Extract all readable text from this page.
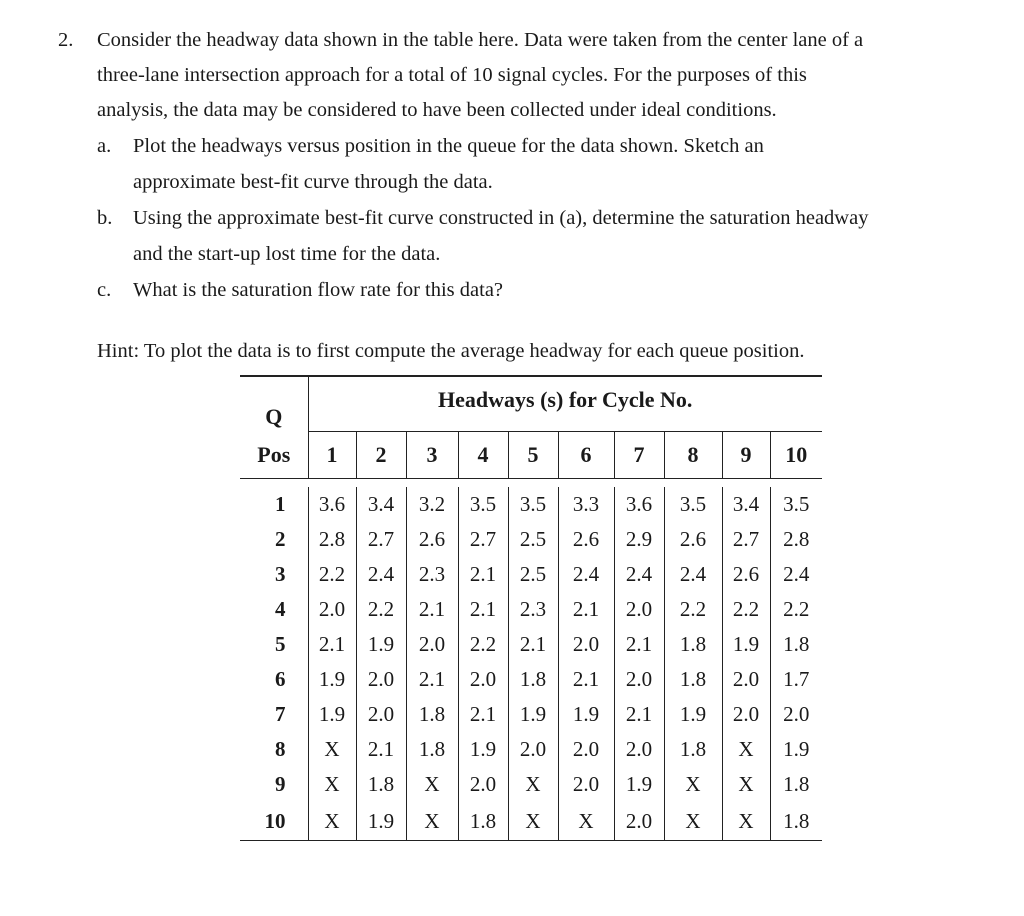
2. Consider the headway data shown in the table here. Data were taken from the center lane of a
three-lane intersection approach for a total of 10 signal cycles. For the purposes of this
analysis, the data may be considered to have been collected under ideal conditions.
a. Plot the headways versus position in the queue for the data shown. Sketch an
approximate best-fit curve through the data.
b. Using the approximate best-fit curve constructed in (a), determine the saturation headway
and the start-up lost time for the data.
c. What is the saturation flow rate for this data?
Hint: To plot the data is to first compute the average headway for each queue position.
Q	Headways (s) for Cycle No.									
Pos	1	2	3	4	5	6	7	8	9	10

1	3.6	3.4	3.2	3.5	3.5	3.3	3.6	3.5	3.4	3.5
2	2.8	2.7	2.6	2.7	2.5	2.6	2.9	2.6	2.7	2.8
3	2.2	2.4	2.3	2.1	2.5	2.4	2.4	2.4	2.6	2.4
4	2.0	2.2	2.1	2.1	2.3	2.1	2.0	2.2	2.2	2.2
5	2.1	1.9	2.0	2.2	2.1	2.0	2.1	1.8	1.9	1.8
6	1.9	2.0	2.1	2.0	1.8	2.1	2.0	1.8	2.0	1.7
7	1.9	2.0	1.8	2.1	1.9	1.9	2.1	1.9	2.0	2.0
8	X	2.1	1.8	1.9	2.0	2.0	2.0	1.8	X	1.9
9	X	1.8	X	2.0	X	2.0	1.9	X	X	1.8
10	X	1.9	X	1.8	X	X	2.0	X	X	1.8
